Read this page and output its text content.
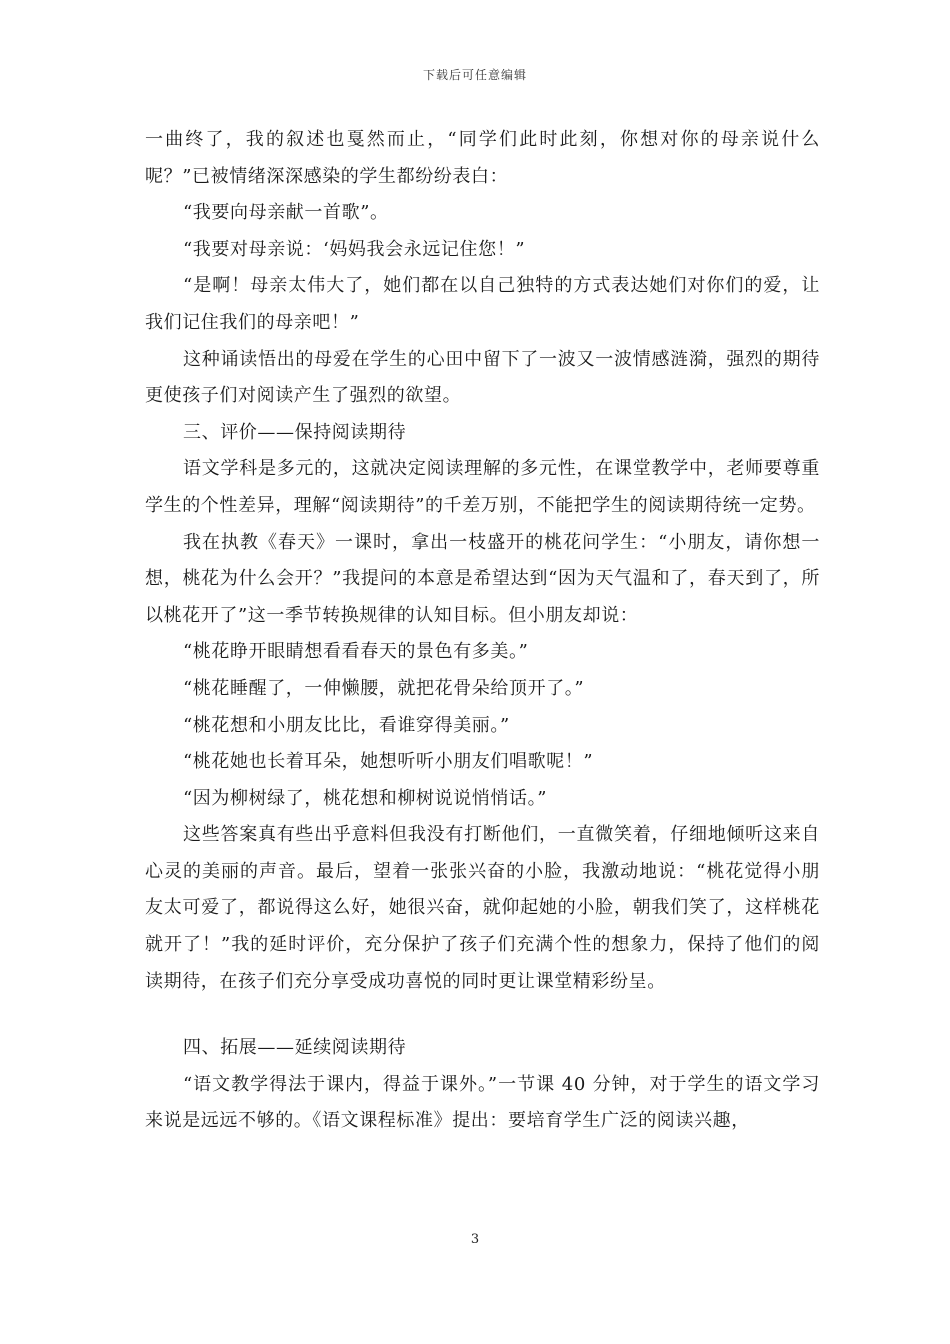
下载后可任意编辑

一曲终了，我的叙述也戛然而止，“同学们此时此刻，你想对你的母亲说什么呢？”已被情绪深深感染的学生都纷纷表白：

“我要向母亲献一首歌”。

“我要对母亲说：‘妈妈我会永远记住您！”

“是啊！母亲太伟大了，她们都在以自己独特的方式表达她们对你们的爱，让我们记住我们的母亲吧！”

这种诵读悟出的母爱在学生的心田中留下了一波又一波情感涟漪，强烈的期待更使孩子们对阅读产生了强烈的欲望。

三、评价——保持阅读期待

语文学科是多元的，这就决定阅读理解的多元性，在课堂教学中，老师要尊重学生的个性差异，理解“阅读期待”的千差万别，不能把学生的阅读期待统一定势。

我在执教《春天》一课时，拿出一枝盛开的桃花问学生：“小朋友，请你想一想，桃花为什么会开？”我提问的本意是希望达到“因为天气温和了，春天到了，所以桃花开了”这一季节转换规律的认知目标。但小朋友却说：

“桃花睁开眼睛想看看春天的景色有多美。”

“桃花睡醒了，一伸懒腰，就把花骨朵给顶开了。”

“桃花想和小朋友比比，看谁穿得美丽。”

“桃花她也长着耳朵，她想听听小朋友们唱歌呢！”

“因为柳树绿了，桃花想和柳树说说悄悄话。”

这些答案真有些出乎意料但我没有打断他们，一直微笑着，仔细地倾听这来自心灵的美丽的声音。最后，望着一张张兴奋的小脸，我激动地说：“桃花觉得小朋友太可爱了，都说得这么好，她很兴奋，就仰起她的小脸，朝我们笑了，这样桃花就开了！”我的延时评价，充分保护了孩子们充满个性的想象力，保持了他们的阅读期待，在孩子们充分享受成功喜悦的同时更让课堂精彩纷呈。

四、拓展——延续阅读期待

“语文教学得法于课内，得益于课外。”一节课 40 分钟，对于学生的语文学习来说是远远不够的。《语文课程标准》提出：要培育学生广泛的阅读兴趣，

3
